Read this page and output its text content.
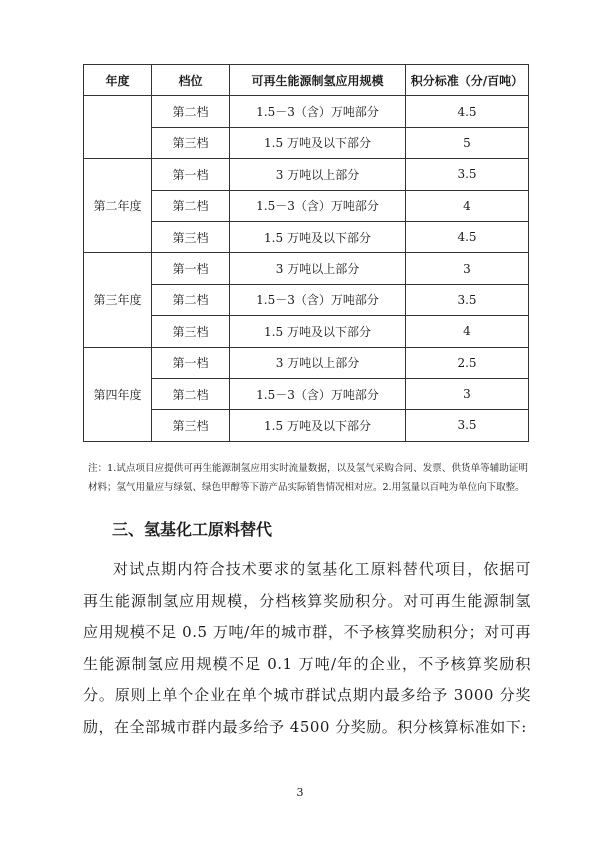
年度	档位	可再生能源制氢应用规模	积分标准（分/百吨）
	第二档	1.5－3（含）万吨部分	4.5
	第三档	1.5 万吨及以下部分	5
第二年度	第一档	3 万吨以上部分	3.5
	第二档	1.5－3（含）万吨部分	4
	第三档	1.5 万吨及以下部分	4.5
第三年度	第一档	3 万吨以上部分	3
	第二档	1.5－3（含）万吨部分	3.5
	第三档	1.5 万吨及以下部分	4
第四年度	第一档	3 万吨以上部分	2.5
	第二档	1.5－3（含）万吨部分	3
	第三档	1.5 万吨及以下部分	3.5
注：1.试点项目应提供可再生能源制氢应用实时流量数据，以及氢气采购合同、发票、供货单等辅助证明材料；氢气用量应与绿氨、绿色甲醇等下游产品实际销售情况相对应。2.用氢量以百吨为单位向下取整。
三、氢基化工原料替代
对试点期内符合技术要求的氢基化工原料替代项目，依据可再生能源制氢应用规模，分档核算奖励积分。对可再生能源制氢应用规模不足 0.5 万吨/年的城市群，不予核算奖励积分；对可再生能源制氢应用规模不足 0.1 万吨/年的企业，不予核算奖励积分。原则上单个企业在单个城市群试点期内最多给予 3000 分奖励，在全部城市群内最多给予 4500 分奖励。积分核算标准如下:
3
